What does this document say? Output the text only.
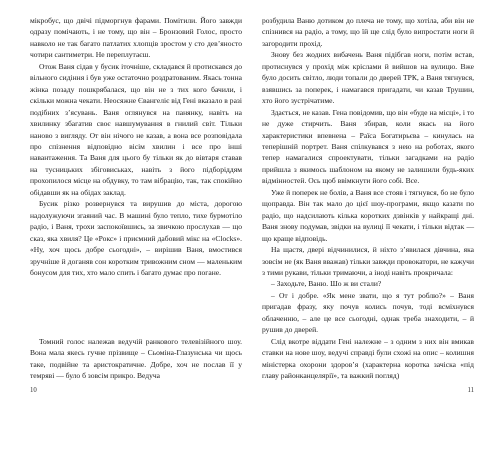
мікробус, що двічі підморгнув фарами. Помітили. Його завжди одразу помічають, і не тому, що він – Бронзовий Голос, просто навколо не так багато патлатих хлопців зростом у сто дев’яносто чотири сантиметри. Не переплутаєш.

Отож Ваня сідав у бусик іточніше, складався й протискався до вільного сидіння і був уже остаточно роздратованим. Якась тонна жінка позаду пошкрябалася, що він не з тих кого бачили, і скільки можна чекати. Неосяжне Євангеліє від Гені вказало в разі подібних з’ясувань. Ваня оглянувся на панянку, навіть на хвилинку збагатив своє навшумування в гнилий світ. Тільки наново з вигляду. От він нічого не казав, а вона все розповідала про спізнення відповідно вісім хвилин і все про інші навантаження. Та Ваня для цього бу тільки як до вівтаря ставав на тусницьких збіговиськах, навіть з його підборіддям прохопилося місце на обдувку, то там вібрацію, так, так спокійно обідавши як на обідах заклад.

Бусик різко розвернувся та вирушив до міста, дорогою надолужуючи згаяний час. В машині було тепло, тихе бурмотіло радіо, і Ваня, трохи заспокоївшись, за звичкою прослухав — що сказ, яка хвиля? Це «Рокс» і приємний дабовий мікс на «Clocks». «Ну, хоч щось добре сьогодні», – вирішив Ваня, вмостився зручніше й доганяв сон коротким тривожним сном — маленьким бонусом для тих, хто мало спить і багато думає про погане.

Томний голос належав ведучій ранкового телевізійного шоу. Вона мала якесь гучне прізвище – Сьоміна-Глазунська чи щось таке, подвійне та аристократичне. Добре, хоч не послав її у темряві — було б зовсім прикро. Ведуча

10

розбудила Ваню дотиком до плеча не тому, що хотіла, аби він не спізнився на радіо, а тому, що їй ще слід було випростати ноги й загородити прохід.

Знову без жодних вибачень Ваня підібгав ноги, потім встав, протиснувся у прохід між кріслами й вийшов на вулицю. Вже було досить світло, люди топали до дверей ТРК, а Ваня тягнувся, взявшись за поперек, і намагався пригадати, чи казав Трушин, хто його зустрічатиме.

Здається, не казав. Гена повідомив, що він «буде на місці», і то не дуже стирчить. Ваня збирав, коли якась на його характеристики впевнена – Раїса Богатирьєва – кинулась на теперішній портрет. Ваня спілкувався з нею на роботах, якого тепер намагалися спроектувати, тільки загадками на радіо прийшла з якимось шаблоном на якому не залишили будь-яких відмінностей. Ось щоб ввімкнути його собі. Все.

Уже й поперек не болів, а Ваня все стояв і тягнувся, бо не було щоправда. Він так мало до цієї шоу-програми, якщо казати по радіо, що надсилають кілька коротких дзвінків у найкращі дні. Ваня знову подумав, звідки на вулиці її чекати, і тільки відтак — що краще відповідь.

На щастя, двері відчинилися, й ніхто з’явилася дівчина, яка зовсім не (як Ваня вважав) тільки завжди провокатори, не кажучи з тими рукави, тільки тримаючи, а іноді навіть прокричала:

– Заходьте, Ваню. Шо ж ви стали?

– От і добре. «Як мене звати, що я тут роблю?» – Ваня пригадав фразу, яку почув колись почув, тоді всміхнувся облаченню, – але це все сьогодні, однак треба знаходити, – й рушив до дверей.

Слід вкотре віддати Гені належне – з одним з них він вмикав ставки на нове шоу, ведучі справді були схожі на опис – колишня міністерка охорони здоров’я (характерна коротка зачіска «під главу районканцелярії», та важкий погляд)

11
